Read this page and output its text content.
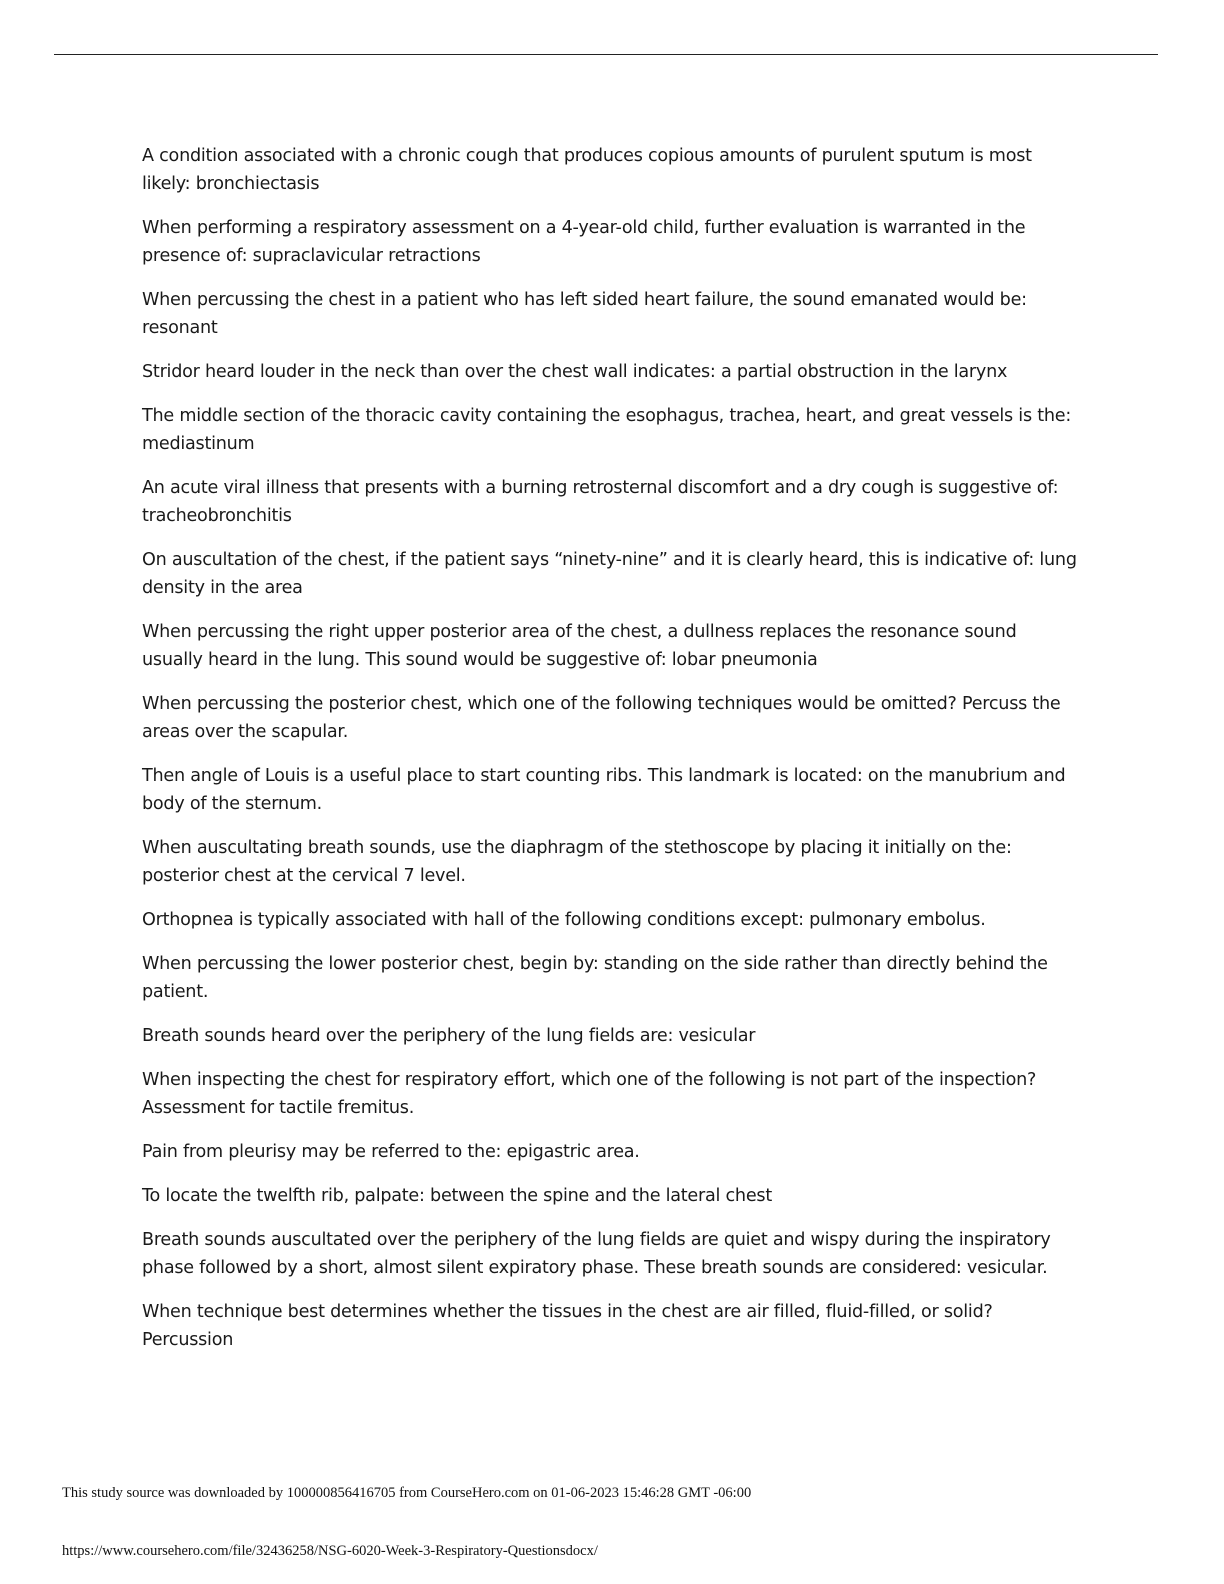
A condition associated with a chronic cough that produces copious amounts of purulent sputum is most likely: bronchiectasis

When performing a respiratory assessment on a 4-year-old child, further evaluation is warranted in the presence of: supraclavicular retractions

When percussing the chest in a patient who has left sided heart failure, the sound emanated would be: resonant

Stridor heard louder in the neck than over the chest wall indicates: a partial obstruction in the larynx

The middle section of the thoracic cavity containing the esophagus, trachea, heart, and great vessels is the: mediastinum

An acute viral illness that presents with a burning retrosternal discomfort and a dry cough is suggestive of: tracheobronchitis

On auscultation of the chest, if the patient says “ninety-nine” and it is clearly heard, this is indicative of: lung density in the area

When percussing the right upper posterior area of the chest, a dullness replaces the resonance sound usually heard in the lung. This sound would be suggestive of: lobar pneumonia

When percussing the posterior chest, which one of the following techniques would be omitted? Percuss the areas over the scapular.

Then angle of Louis is a useful place to start counting ribs. This landmark is located: on the manubrium and body of the sternum.

When auscultating breath sounds, use the diaphragm of the stethoscope by placing it initially on the: posterior chest at the cervical 7 level.

Orthopnea is typically associated with hall of the following conditions except: pulmonary embolus.

When percussing the lower posterior chest, begin by: standing on the side rather than directly behind the patient.

Breath sounds heard over the periphery of the lung fields are: vesicular

When inspecting the chest for respiratory effort, which one of the following is not part of the inspection? Assessment for tactile fremitus.

Pain from pleurisy may be referred to the: epigastric area.

To locate the twelfth rib, palpate: between the spine and the lateral chest

Breath sounds auscultated over the periphery of the lung fields are quiet and wispy during the inspiratory phase followed by a short, almost silent expiratory phase. These breath sounds are considered: vesicular.

When technique best determines whether the tissues in the chest are air filled, fluid-filled, or solid? Percussion

This study source was downloaded by 100000856416705 from CourseHero.com on 01-06-2023 15:46:28 GMT -06:00
https://www.coursehero.com/file/32436258/NSG-6020-Week-3-Respiratory-Questionsdocx/
